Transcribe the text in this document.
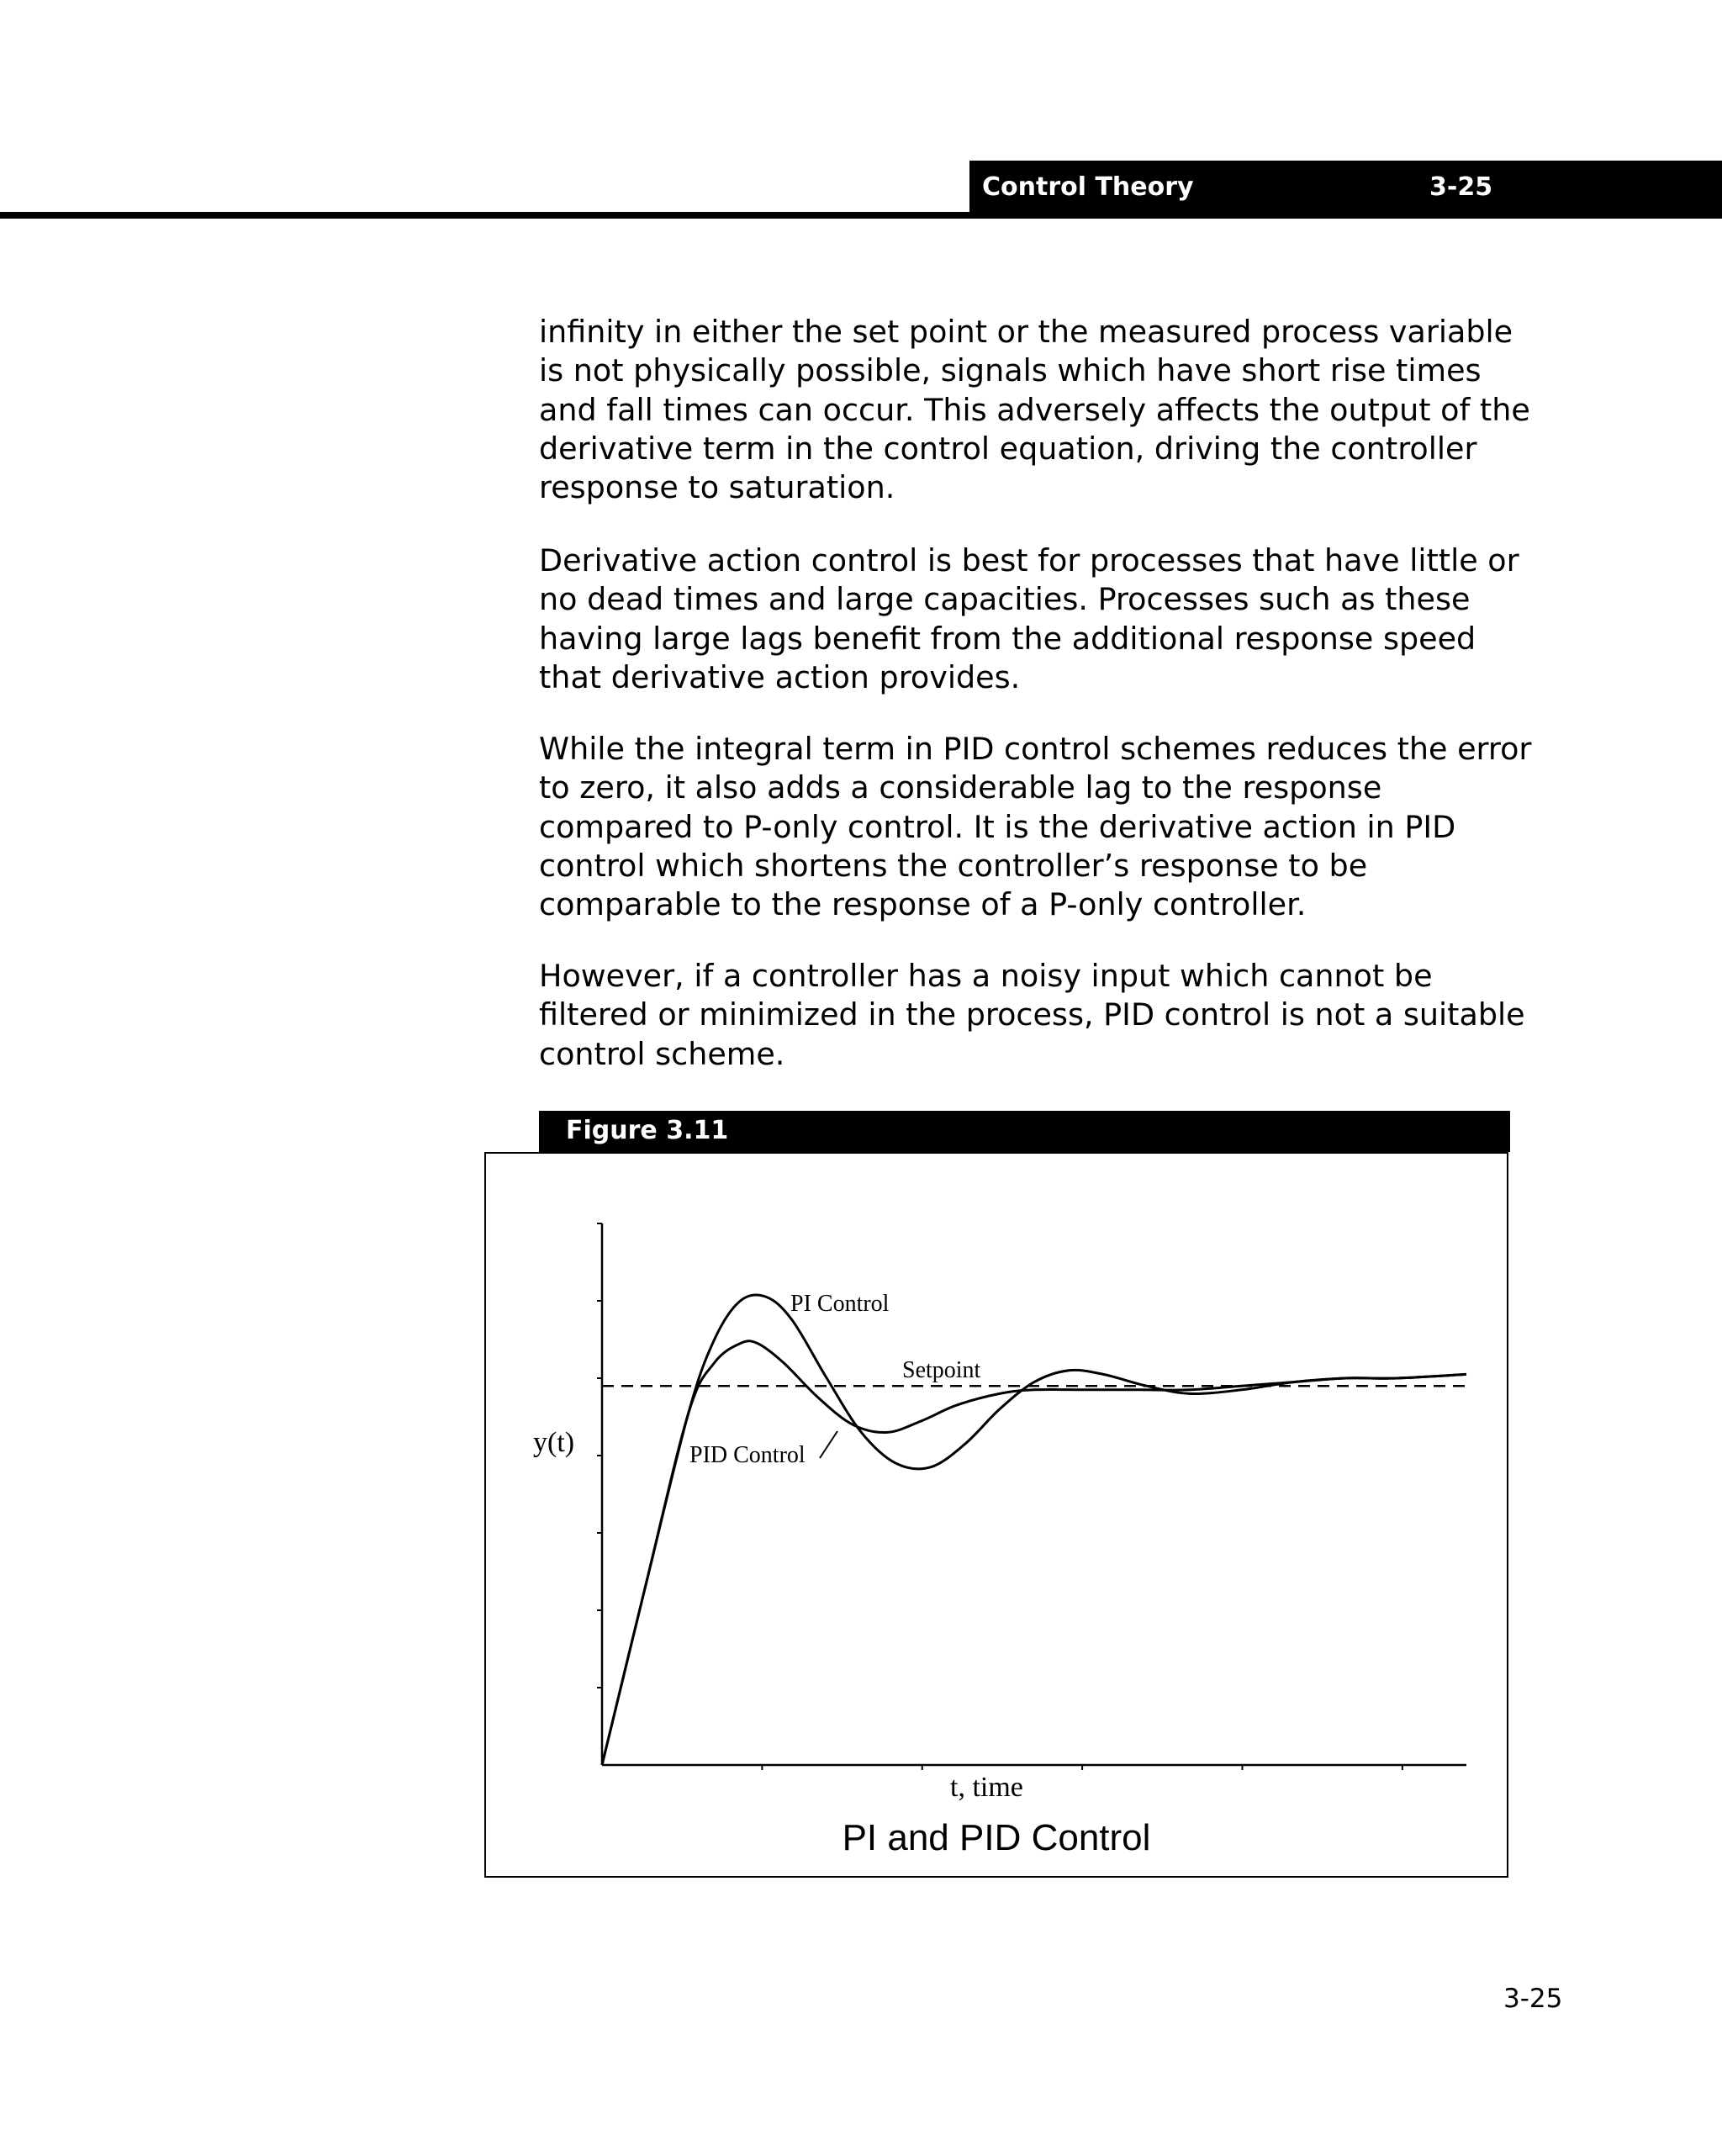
Control Theory	3-25

infinity in either the set point or the measured process variable
is not physically possible, signals which have short rise times
and fall times can occur. This adversely affects the output of the
derivative term in the control equation, driving the controller
response to saturation.

Derivative action control is best for processes that have little or
no dead times and large capacities. Processes such as these
having large lags benefit from the additional response speed
that derivative action provides.

While the integral term in PID control schemes reduces the error
to zero, it also adds a considerable lag to the response
compared to P-only control. It is the derivative action in PID
control which shortens the controller’s response to be
comparable to the response of a P-only controller.

However, if a controller has a noisy input which cannot be
filtered or minimized in the process, PID control is not a suitable
control scheme.

Figure 3.11
PI Control
Setpoint
PID Control
y(t)
t, time
PI and PID Control
3-25
